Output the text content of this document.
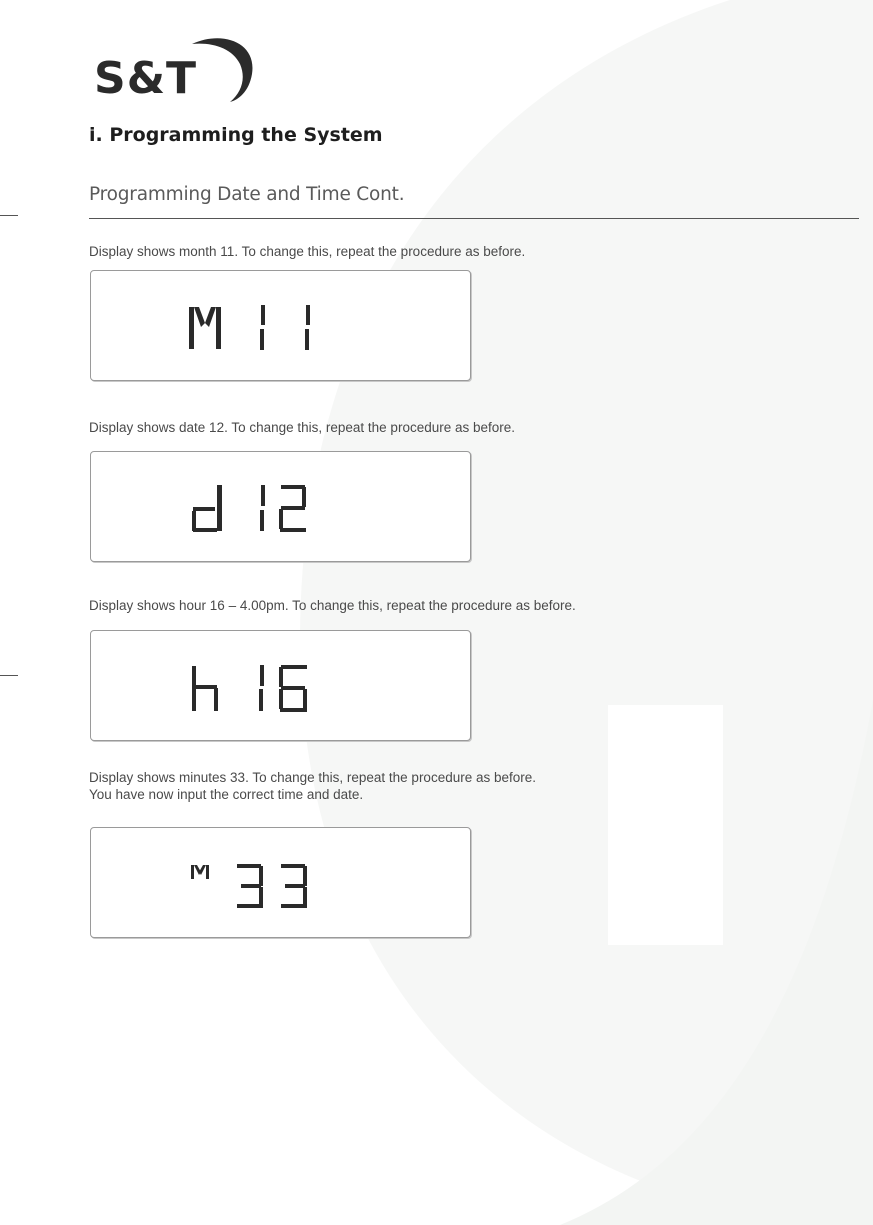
S&T
i. Programming the System
Programming Date and Time Cont.

Display shows month 11. To change this, repeat the procedure as before.

Display shows date 12. To change this, repeat the procedure as before.

Display shows hour 16 – 4.00pm. To change this, repeat the procedure as before.

Display shows minutes 33. To change this, repeat the procedure as before.
You have now input the correct time and date.
